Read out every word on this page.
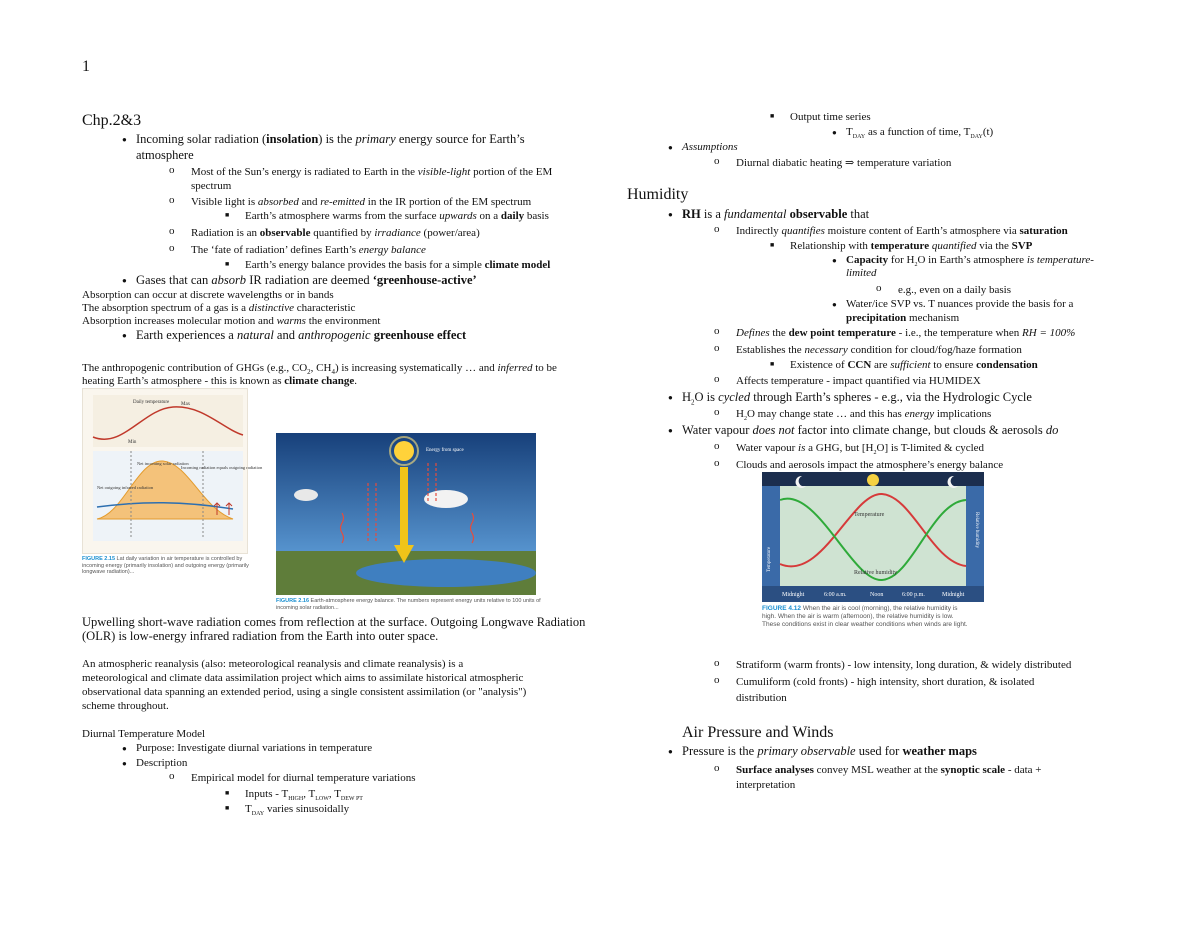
1
Chp.2&3
● Incoming solar radiation (insolation) is the primary energy source for Earth’s
atmosphere
o Most of the Sun’s energy is radiated to Earth in the visible-light portion of the EM
spectrum
o Visible light is absorbed and re-emitted in the IR portion of the EM spectrum
■ Earth’s atmosphere warms from the surface upwards on a daily basis
o Radiation is an observable quantified by irradiance (power/area)
o The ‘fate of radiation’ defines Earth’s energy balance
■ Earth’s energy balance provides the basis for a simple climate model
● Gases that can absorb IR radiation are deemed ‘greenhouse-active’
Absorption can occur at discrete wavelengths or in bands
The absorption spectrum of a gas is a distinctive characteristic
Absorption increases molecular motion and warms the environment
● Earth experiences a natural and anthropogenic greenhouse effect
The anthropogenic contribution of GHGs (e.g., $CO_2$, $CH_4$) is increasing systematically … and inferred to be
heating Earth’s atmosphere - this is known as climate change.
Daily temperature Max
Min
Net incoming solar radiation
Incoming radiation equals outgoing radiation
Net outgoing infrared radiation
FIGURE 2.15 Lat daily variation in air temperature is controlled by incoming energy (primarily insolation) and outgoing energy (primarily longwave radiation)...
Energy from space
FIGURE 2.16 Earth-atmosphere energy balance. The numbers represent energy units relative to 100 units of incoming solar radiation...
Upwelling short-wave radiation comes from reflection at the surface. Outgoing Longwave Radiation
(OLR) is low-energy infrared radiation from the Earth into outer space.
An atmospheric reanalysis (also: meteorological reanalysis and climate reanalysis) is a
meteorological and climate data assimilation project which aims to assimilate historical atmospheric
observational data spanning an extended period, using a single consistent assimilation (or "analysis")
scheme throughout.
Diurnal Temperature Model
● Purpose: Investigate diurnal variations in temperature
● Description
o Empirical model for diurnal temperature variations
■ Inputs - $T_{HIGH}$, $T_{LOW}$, $T_{DEW PT}$
■ $T_{DAY}$ varies sinusoidally
■ Output time series
● $T_{DAY}$ as a function of time, $T_{DAY}(t)$
● Assumptions
o Diurnal diabatic heating ⇒ temperature variation
Humidity
● RH is a fundamental observable that
o Indirectly quantifies moisture content of Earth’s atmosphere via saturation
■ Relationship with temperature quantified via the SVP
● Capacity for $H_2O$ in Earth’s atmosphere is temperature-
limited
o e.g., even on a daily basis
● Water/ice SVP vs. T nuances provide the basis for a
precipitation mechanism
o Defines the dew point temperature - i.e., the temperature when RH = 100%
o Establishes the necessary condition for cloud/fog/haze formation
■ Existence of CCN are sufficient to ensure condensation
o Affects temperature - impact quantified via HUMIDEX
● $H_2O$ is cycled through Earth’s spheres - e.g., via the Hydrologic Cycle
o $H_2O$ may change state … and this has energy implications
● Water vapour does not factor into climate change, but clouds & aerosols do
o Water vapour is a GHG, but $[H_2O]$ is T-limited & cycled
o Clouds and aerosols impact the atmosphere’s energy balance
Temperature
Relative humidity
Temperature
Relative humidity
Midnight	6:00 a.m.	Noon	6:00 p.m.	Midnight
FIGURE 4.12 When the air is cool (morning), the relative humidity is
high. When the air is warm (afternoon), the relative humidity is low.
These conditions exist in clear weather conditions when winds are light.
o Stratiform (warm fronts) - low intensity, long duration, & widely distributed
o Cumuliform (cold fronts) - high intensity, short duration, & isolated
distribution
Air Pressure and Winds
● Pressure is the primary observable used for weather maps
o Surface analyses convey MSL weather at the synoptic scale - data +
interpretation
